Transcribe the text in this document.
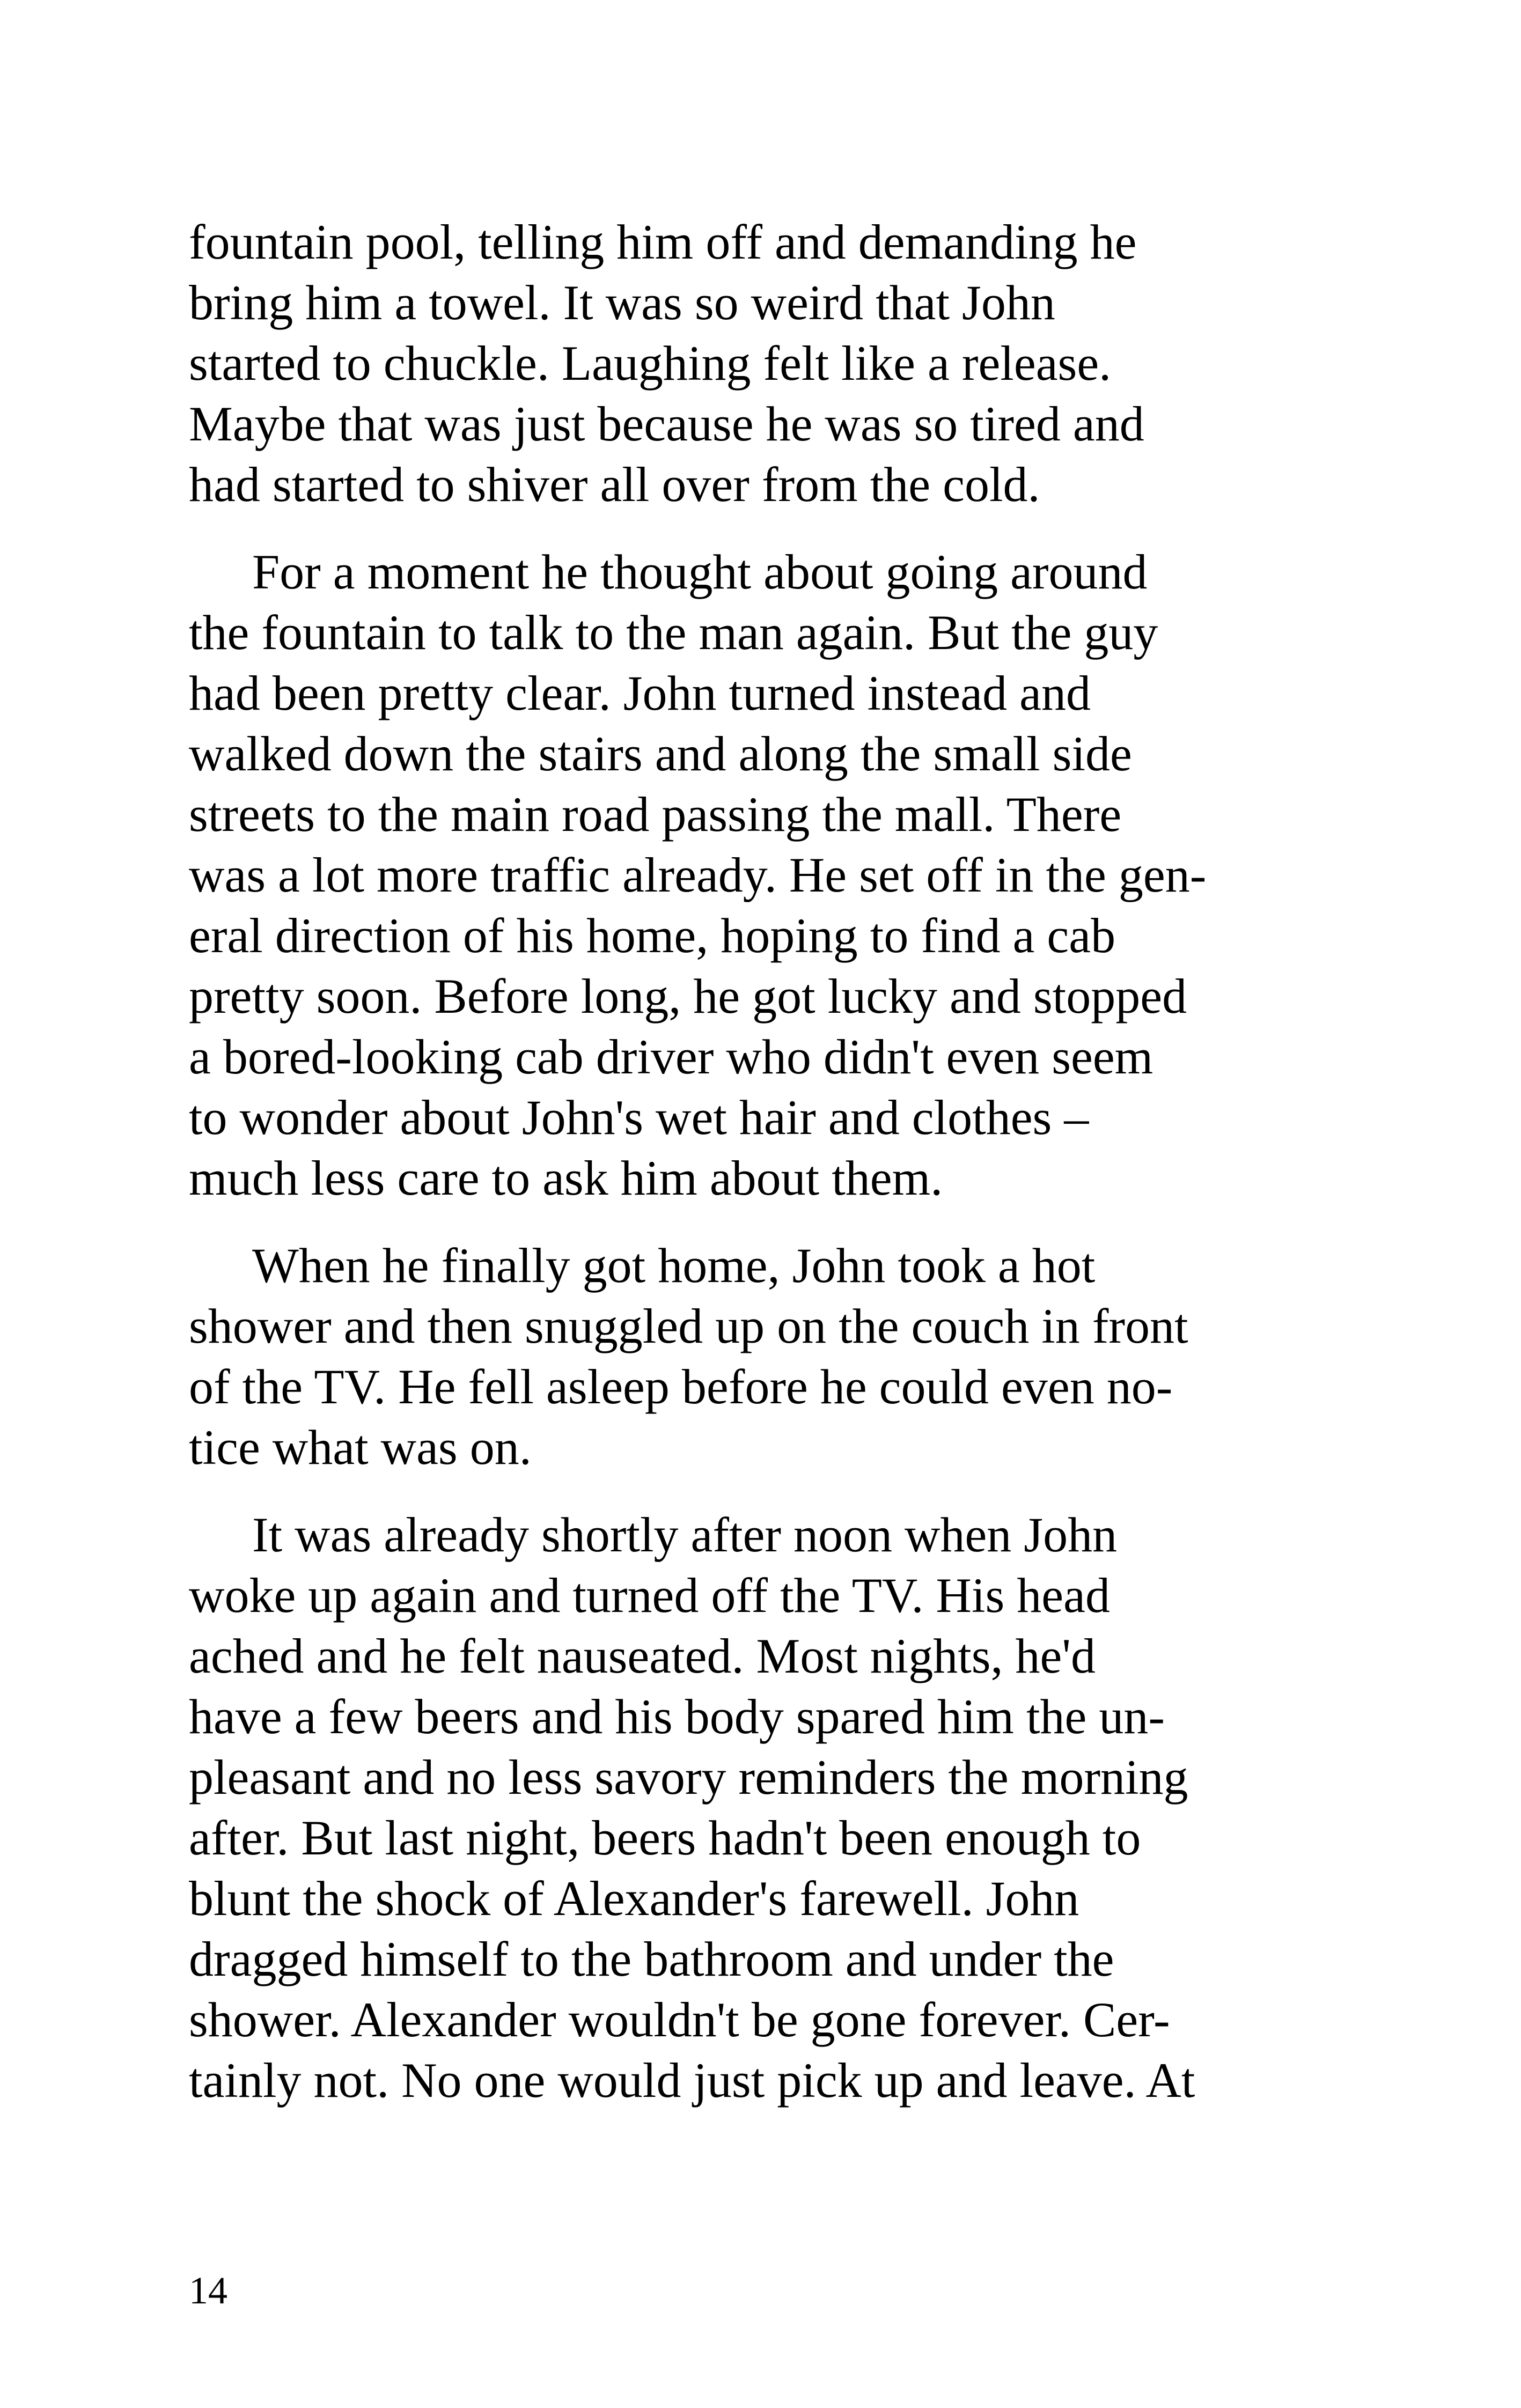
fountain pool, telling him off and demanding he
bring him a towel. It was so weird that John
started to chuckle. Laughing felt like a release.
Maybe that was just because he was so tired and
had started to shiver all over from the cold.
For a moment he thought about going around
the fountain to talk to the man again. But the guy
had been pretty clear. John turned instead and
walked down the stairs and along the small side
streets to the main road passing the mall. There
was a lot more traffic already. He set off in the gen-
eral direction of his home, hoping to find a cab
pretty soon. Before long, he got lucky and stopped
a bored-looking cab driver who didn't even seem
to wonder about John's wet hair and clothes –
much less care to ask him about them.
When he finally got home, John took a hot
shower and then snuggled up on the couch in front
of the TV. He fell asleep before he could even no-
tice what was on.
It was already shortly after noon when John
woke up again and turned off the TV. His head
ached and he felt nauseated. Most nights, he'd
have a few beers and his body spared him the un-
pleasant and no less savory reminders the morning
after. But last night, beers hadn't been enough to
blunt the shock of Alexander's farewell. John
dragged himself to the bathroom and under the
shower. Alexander wouldn't be gone forever. Cer-
tainly not. No one would just pick up and leave. At
14
